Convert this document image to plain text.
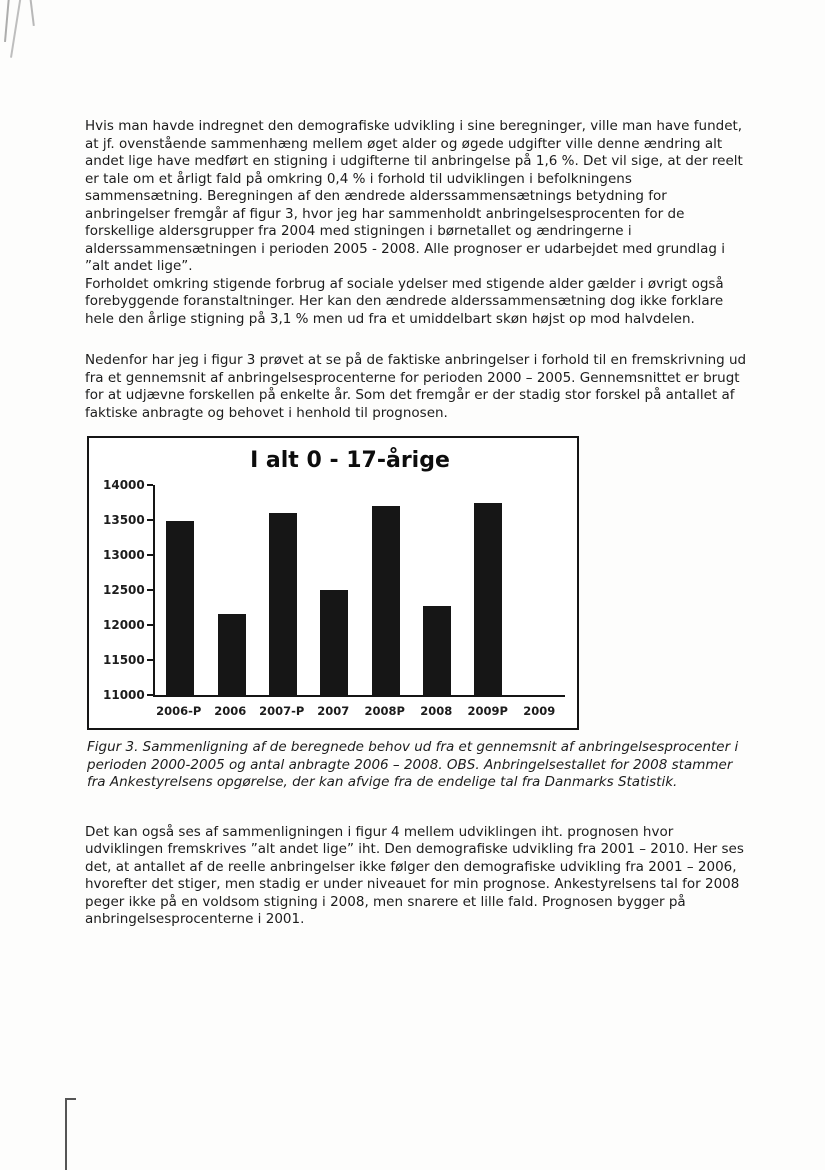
Hvis man havde indregnet den demografiske udvikling i sine beregninger, ville man have fundet, at jf. ovenstående sammenhæng mellem øget alder og øgede udgifter ville denne ændring alt andet lige have medført en stigning i udgifterne til anbringelse på 1,6 %. Det vil sige, at der reelt er tale om et årligt fald på omkring 0,4 % i forhold til udviklingen i befolkningens sammensætning. Beregningen af den ændrede alderssammensætnings betydning for anbringelser fremgår af figur 3, hvor jeg har sammenholdt anbringelsesprocenten for de forskellige aldersgrupper fra 2004 med stigningen i børnetallet og ændringerne i alderssammensætningen i perioden 2005 - 2008. Alle prognoser er udarbejdet med grundlag i ”alt andet lige”.

Forholdet omkring stigende forbrug af sociale ydelser med stigende alder gælder i øvrigt også forebyggende foranstaltninger. Her kan den ændrede alderssammensætning dog ikke forklare hele den årlige stigning på 3,1 % men ud fra et umiddelbart skøn højst op mod halvdelen.

Nedenfor har jeg i figur 3 prøvet at se på de faktiske anbringelser i forhold til en fremskrivning ud fra et gennemsnit af anbringelsesprocenterne for perioden 2000 – 2005. Gennemsnittet er brugt for at udjævne forskellen på enkelte år. Som det fremgår er der stadig stor forskel på antallet af faktiske anbragte og behovet i henhold til prognosen.

I alt 0 - 17-årige
14000
13500
13000
12500
12000
11500
11000
2006-P	2006	2007-P	2007	2008P	2008	2009P	2009
Figur 3. Sammenligning af de beregnede behov ud fra et gennemsnit af anbringelsesprocenter i perioden 2000-2005 og antal anbragte 2006 – 2008. OBS. Anbringelsestallet for 2008 stammer fra Ankestyrelsens opgørelse, der kan afvige fra de endelige tal fra Danmarks Statistik.

Det kan også ses af sammenligningen i figur 4 mellem udviklingen iht. prognosen hvor udviklingen fremskrives ”alt andet lige” iht. Den demografiske udvikling fra 2001 – 2010. Her ses det, at antallet af de reelle anbringelser ikke følger den demografiske udvikling fra 2001 – 2006, hvorefter det stiger, men stadig er under niveauet for min prognose. Ankestyrelsens tal for 2008 peger ikke på en voldsom stigning i 2008, men snarere et lille fald. Prognosen bygger på anbringelsesprocenterne i 2001.
